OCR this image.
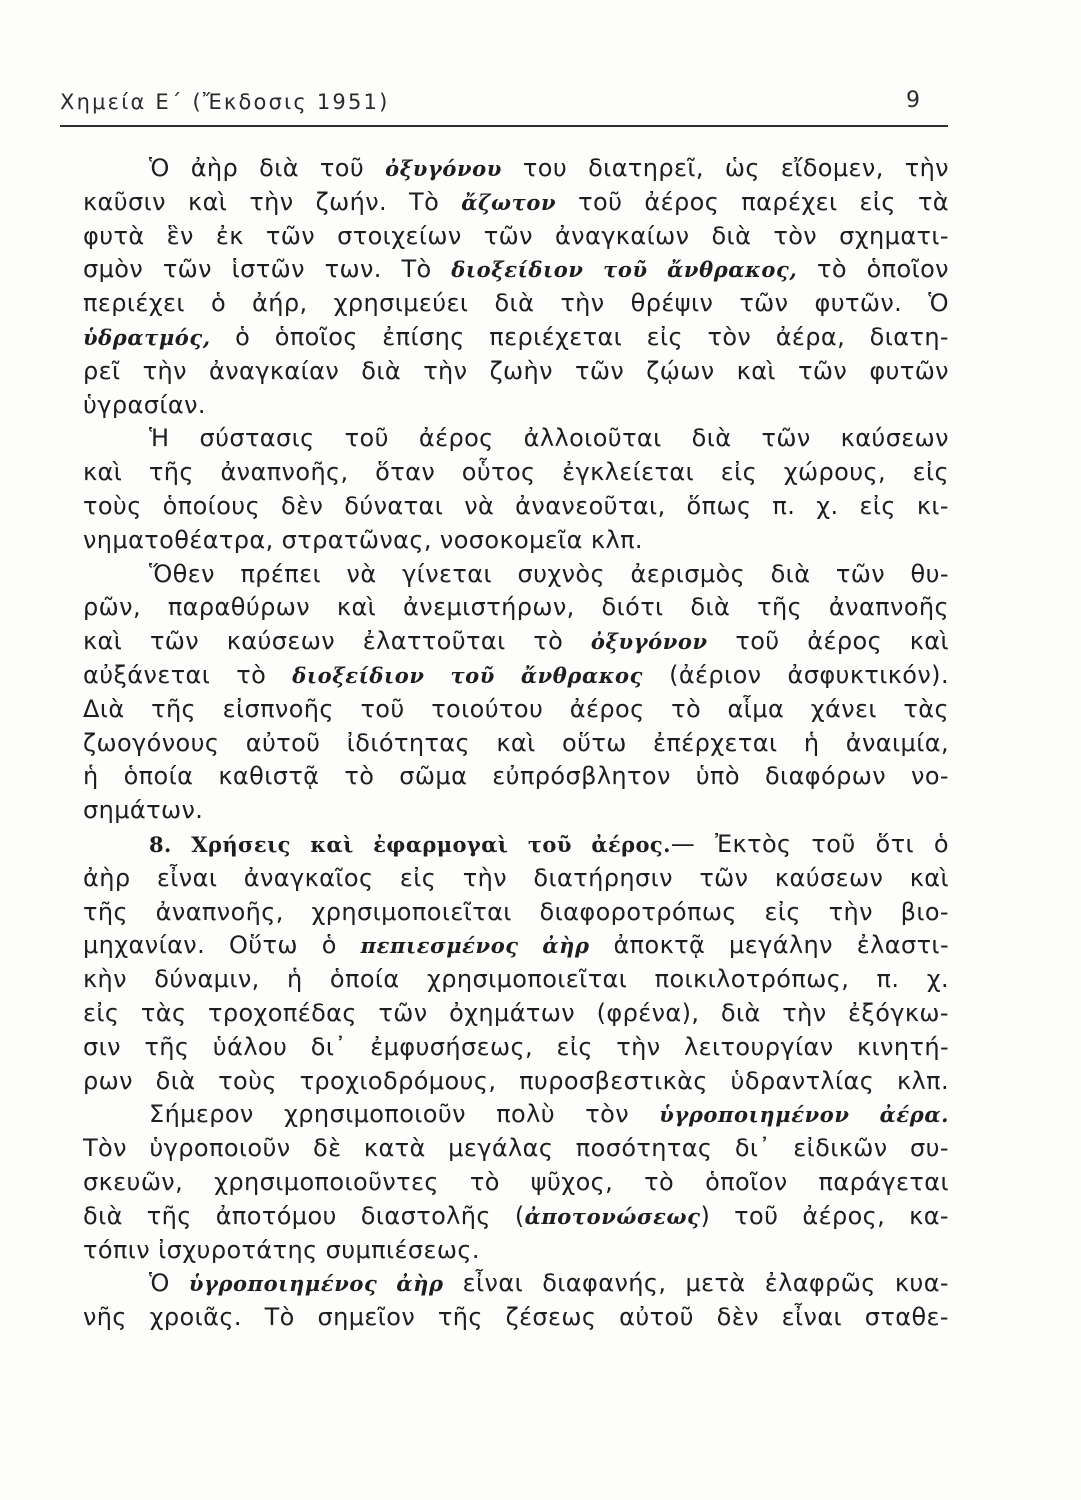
Χημεία Ε΄ (Ἔκδοσις 1951)	9
Ὁ ἀὴρ διὰ τοῦ ὀξυγόνου του διατηρεῖ, ὡς εἴδομεν, τὴν
καῦσιν καὶ τὴν ζωήν. Τὸ ἄζωτον τοῦ ἀέρος παρέχει εἰς τὰ
φυτὰ ἓν ἐκ τῶν στοιχείων τῶν ἀναγκαίων διὰ τὸν σχηματι-
σμὸν τῶν ἱστῶν των. Τὸ διοξείδιον τοῦ ἄνθρακος, τὸ ὁποῖον
περιέχει ὁ ἀήρ, χρησιμεύει διὰ τὴν θρέψιν τῶν φυτῶν. Ὁ
ὑδρατμός, ὁ ὁποῖος ἐπίσης περιέχεται εἰς τὸν ἀέρα, διατη-
ρεῖ τὴν ἀναγκαίαν διὰ τὴν ζωὴν τῶν ζῴων καὶ τῶν φυτῶν
ὑγρασίαν.
Ἡ σύστασις τοῦ ἀέρος ἀλλοιοῦται διὰ τῶν καύσεων
καὶ τῆς ἀναπνοῆς, ὅταν οὗτος ἐγκλείεται εἰς χώρους, εἰς
τοὺς ὁποίους δὲν δύναται νὰ ἀνανεοῦται, ὅπως π. χ. εἰς κι-
νηματοθέατρα, στρατῶνας, νοσοκομεῖα κλπ.
Ὅθεν πρέπει νὰ γίνεται συχνὸς ἀερισμὸς διὰ τῶν θυ-
ρῶν, παραθύρων καὶ ἀνεμιστήρων, διότι διὰ τῆς ἀναπνοῆς
καὶ τῶν καύσεων ἐλαττοῦται τὸ ὀξυγόνον τοῦ ἀέρος καὶ
αὐξάνεται τὸ διοξείδιον τοῦ ἄνθρακος (ἀέριον ἀσφυκτικόν).
Διὰ τῆς εἰσπνοῆς τοῦ τοιούτου ἀέρος τὸ αἷμα χάνει τὰς
ζωογόνους αὐτοῦ ἰδιότητας καὶ οὕτω ἐπέρχεται ἡ ἀναιμία,
ἡ ὁποία καθιστᾷ τὸ σῶμα εὐπρόσβλητον ὑπὸ διαφόρων νο-
σημάτων.
8. Χρήσεις καὶ ἐφαρμογαὶ τοῦ ἀέρος.— Ἐκτὸς τοῦ ὅτι ὁ
ἀὴρ εἶναι ἀναγκαῖος εἰς τὴν διατήρησιν τῶν καύσεων καὶ
τῆς ἀναπνοῆς, χρησιμοποιεῖται διαφοροτρόπως εἰς τὴν βιο-
μηχανίαν. Οὕτω ὁ πεπιεσμένος ἀὴρ ἀποκτᾷ μεγάλην ἐλαστι-
κὴν δύναμιν, ἡ ὁποία χρησιμοποιεῖται ποικιλοτρόπως, π. χ.
εἰς τὰς τροχοπέδας τῶν ὀχημάτων (φρένα), διὰ τὴν ἐξόγκω-
σιν τῆς ὑάλου δι᾿ ἐμφυσήσεως, εἰς τὴν λειτουργίαν κινητή-
ρων διὰ τοὺς τροχιοδρόμους, πυροσβεστικὰς ὑδραντλίας κλπ.
Σήμερον χρησιμοποιοῦν πολὺ τὸν ὑγροποιημένον ἀέρα.
Τὸν ὑγροποιοῦν δὲ κατὰ μεγάλας ποσότητας δι᾿ εἰδικῶν συ-
σκευῶν, χρησιμοποιοῦντες τὸ ψῦχος, τὸ ὁποῖον παράγεται
διὰ τῆς ἀποτόμου διαστολῆς (ἀποτονώσεως) τοῦ ἀέρος, κα-
τόπιν ἰσχυροτάτης συμπιέσεως.
Ὁ ὑγροποιημένος ἀὴρ εἶναι διαφανής, μετὰ ἐλαφρῶς κυα-
νῆς χροιᾶς. Τὸ σημεῖον τῆς ζέσεως αὐτοῦ δὲν εἶναι σταθε-
